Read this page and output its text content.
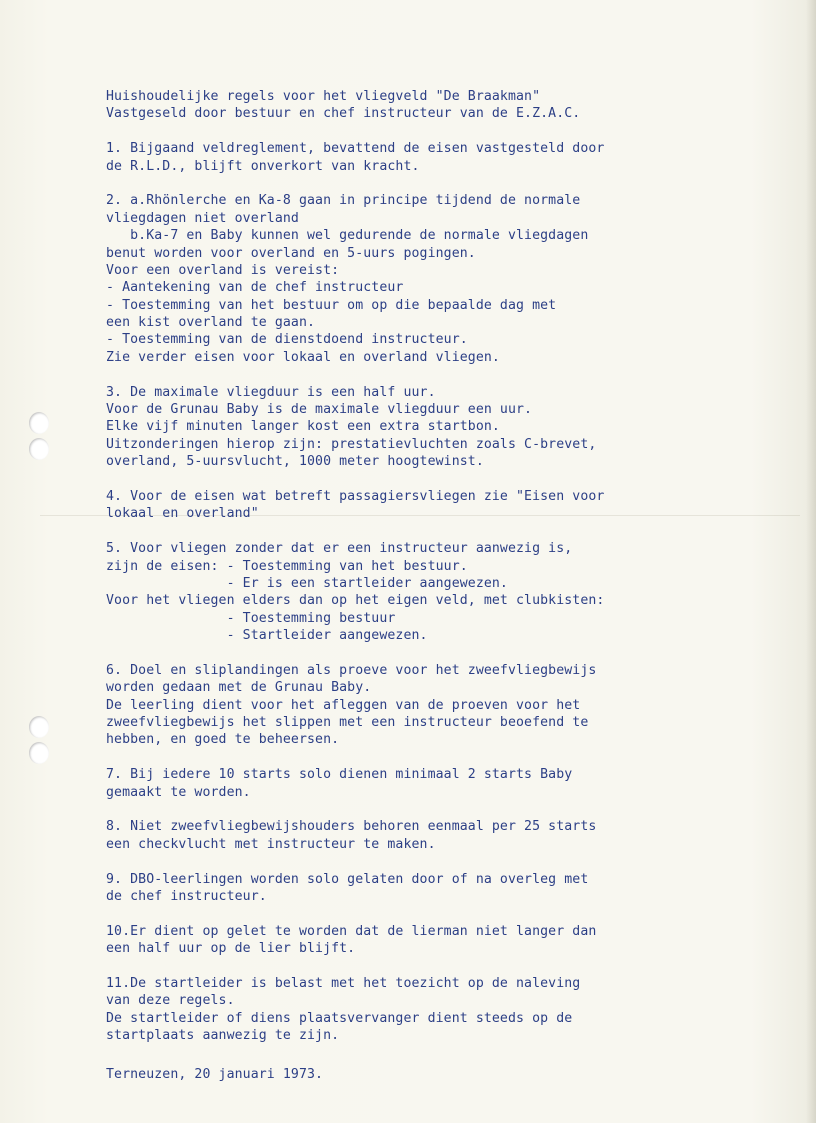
Huishoudelijke regels voor het vliegveld "De Braakman"
Vastgeseld door bestuur en chef instructeur van de E.Z.A.C.
1. Bijgaand veldreglement, bevattend de eisen vastgesteld door
de R.L.D., blijft onverkort van kracht.
2. a.Rhönlerche en Ka-8 gaan in principe tijdend de normale
vliegdagen niet overland
b.Ka-7 en Baby kunnen wel gedurende de normale vliegdagen
benut worden voor overland en 5-uurs pogingen.
Voor een overland is vereist:
- Aantekening van de chef instructeur
- Toestemming van het bestuur om op die bepaalde dag met
een kist overland te gaan.
- Toestemming van de dienstdoend instructeur.
Zie verder eisen voor lokaal en overland vliegen.
3. De maximale vliegduur is een half uur.
Voor de Grunau Baby is de maximale vliegduur een uur.
Elke vijf minuten langer kost een extra startbon.
Uitzonderingen hierop zijn: prestatievluchten zoals C-brevet,
overland, 5-uursvlucht, 1000 meter hoogtewinst.
4. Voor de eisen wat betreft passagiersvliegen zie "Eisen voor
lokaal en overland"
5. Voor vliegen zonder dat er een instructeur aanwezig is,
zijn de eisen: - Toestemming van het bestuur.
- Er is een startleider aangewezen.
Voor het vliegen elders dan op het eigen veld, met clubkisten:
- Toestemming bestuur
- Startleider aangewezen.
6. Doel en sliplandingen als proeve voor het zweefvliegbewijs
worden gedaan met de Grunau Baby.
De leerling dient voor het afleggen van de proeven voor het
zweefvliegbewijs het slippen met een instructeur beoefend te
hebben, en goed te beheersen.
7. Bij iedere 10 starts solo dienen minimaal 2 starts Baby
gemaakt te worden.
8. Niet zweefvliegbewijshouders behoren eenmaal per 25 starts
een checkvlucht met instructeur te maken.
9. DBO-leerlingen worden solo gelaten door of na overleg met
de chef instructeur.
10.Er dient op gelet te worden dat de lierman niet langer dan
een half uur op de lier blijft.
11.De startleider is belast met het toezicht op de naleving
van deze regels.
De startleider of diens plaatsvervanger dient steeds op de
startplaats aanwezig te zijn.
Terneuzen, 20 januari 1973.
